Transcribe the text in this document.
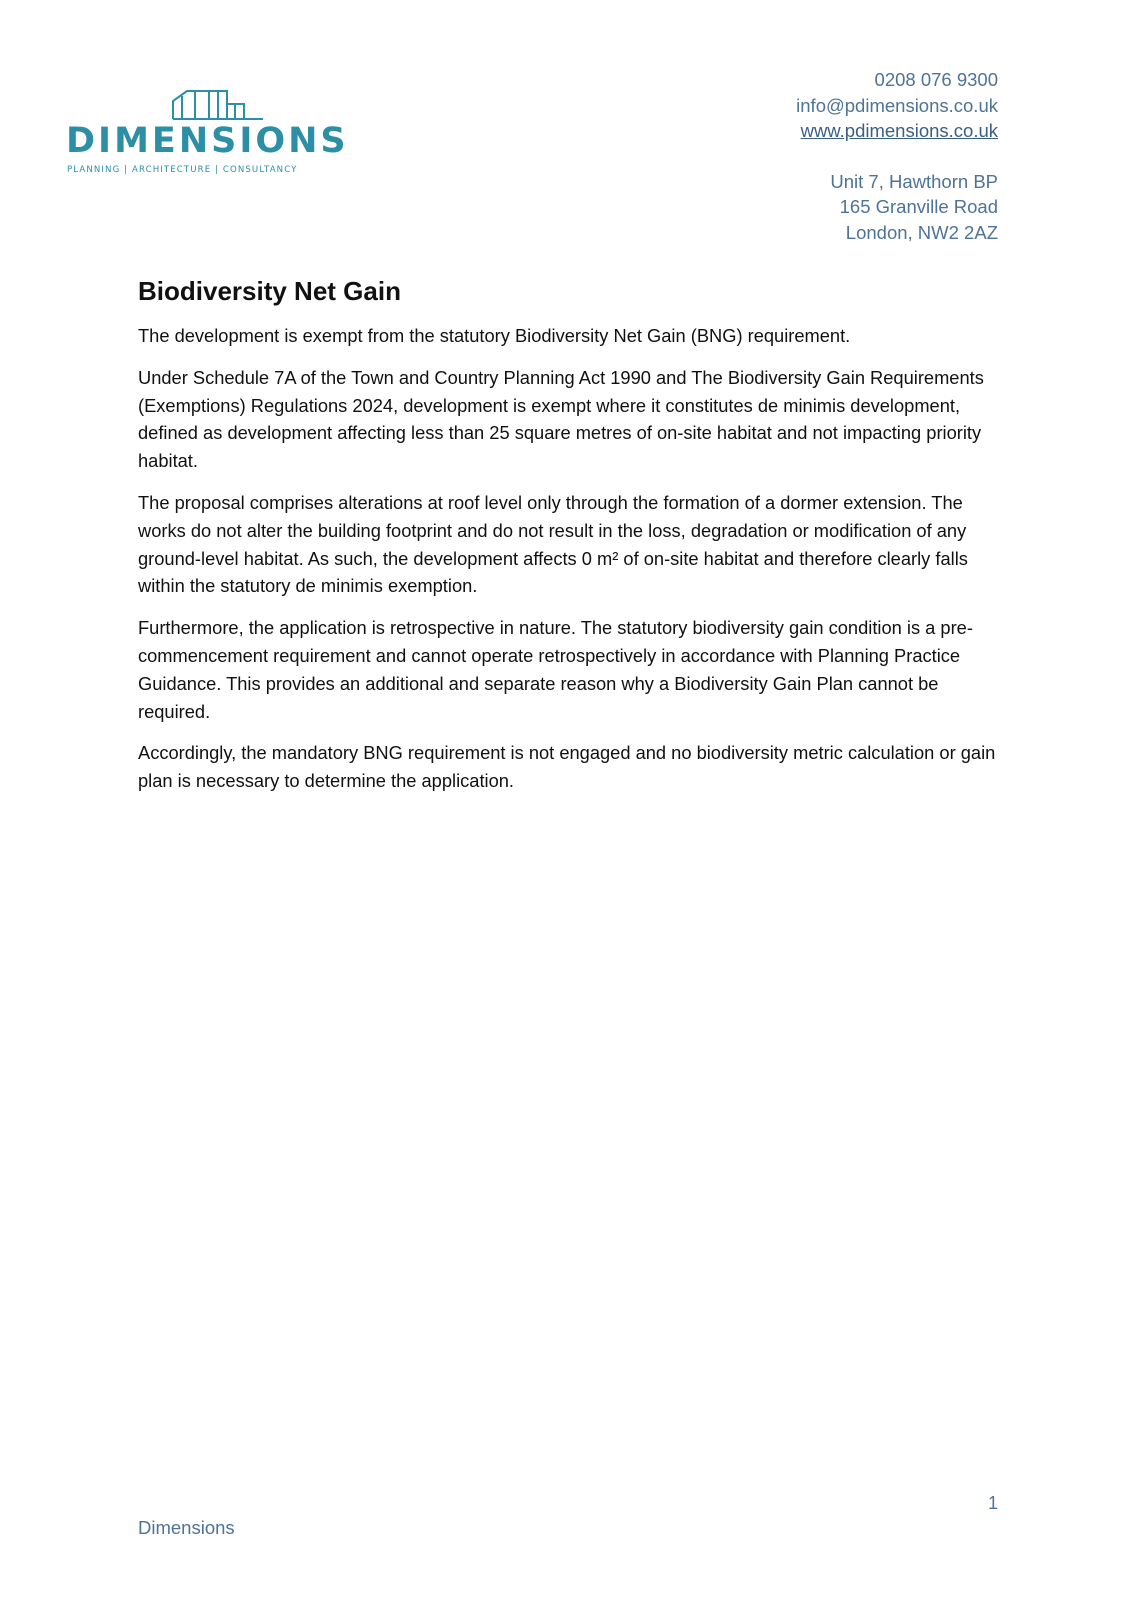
DIMENSIONS
PLANNING | ARCHITECTURE | CONSULTANCY
0208 076 9300
info@pdimensions.co.uk
www.pdimensions.co.uk
Unit 7, Hawthorn BP
165 Granville Road
London, NW2 2AZ
Biodiversity Net Gain

The development is exempt from the statutory Biodiversity Net Gain (BNG) requirement.

Under Schedule 7A of the Town and Country Planning Act 1990 and The Biodiversity Gain Requirements (Exemptions) Regulations 2024, development is exempt where it constitutes de minimis development, defined as development affecting less than 25 square metres of on-site habitat and not impacting priority habitat.

The proposal comprises alterations at roof level only through the formation of a dormer extension. The works do not alter the building footprint and do not result in the loss, degradation or modification of any ground-level habitat. As such, the development affects 0 m² of on-site habitat and therefore clearly falls within the statutory de minimis exemption.

Furthermore, the application is retrospective in nature. The statutory biodiversity gain condition is a pre-commencement requirement and cannot operate retrospectively in accordance with Planning Practice Guidance. This provides an additional and separate reason why a Biodiversity Gain Plan cannot be required.

Accordingly, the mandatory BNG requirement is not engaged and no biodiversity metric calculation or gain plan is necessary to determine the application.

1
Dimensions
